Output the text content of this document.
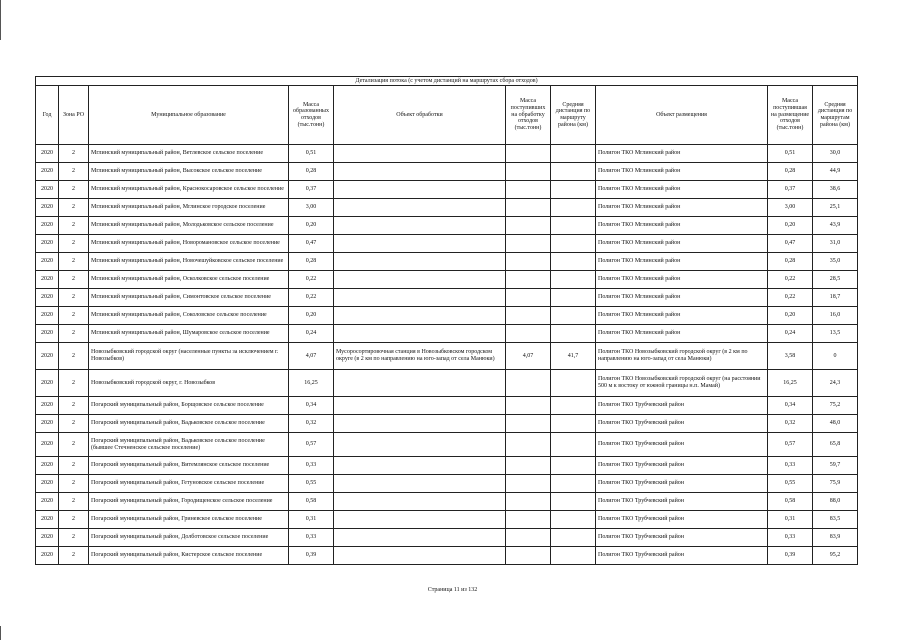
Детализация потока (с учетом дистанций на маршрутах сбора отходов)									
Год	Зона РО	Муниципальное образование	Масса образованных отходов (тыс.тонн)	Объект обработки	Масса поступивших на обработку отходов (тыс.тонн)	Средняя дистанция по маршруту района (км)	Объект размещения	Масса поступившая на размещение отходов (тыс.тонн)	Средняя дистанция по маршрутам района (км)
2020	2	Мглинский муниципальный район, Ветлевское сельское поселение	0,51				Полигон ТКО Мглинский район	0,51	30,0
2020	2	Мглинский муниципальный район, Высокское сельское поселение	0,28				Полигон ТКО Мглинский район	0,28	44,9
2020	2	Мглинский муниципальный район, Краснокосаровское сельское поселение	0,37				Полигон ТКО Мглинский район	0,37	38,6
2020	2	Мглинский муниципальный район, Мглинское городское поселение	3,00				Полигон ТКО Мглинский район	3,00	25,1
2020	2	Мглинский муниципальный район, Молодьковское сельское поселение	0,20				Полигон ТКО Мглинский район	0,20	43,9
2020	2	Мглинский муниципальный район, Новоромановское сельское поселение	0,47				Полигон ТКО Мглинский район	0,47	31,0
2020	2	Мглинский муниципальный район, Новочешуйковское сельское поселение	0,28				Полигон ТКО Мглинский район	0,28	35,0
2020	2	Мглинский муниципальный район, Осколковское сельское поселение	0,22				Полигон ТКО Мглинский район	0,22	28,5
2020	2	Мглинский муниципальный район, Симонтовское сельское поселение	0,22				Полигон ТКО Мглинский район	0,22	18,7
2020	2	Мглинский муниципальный район, Соколовское сельское поселение	0,20				Полигон ТКО Мглинский район	0,20	16,0
2020	2	Мглинский муниципальный район, Шумаровское сельское поселение	0,24				Полигон ТКО Мглинский район	0,24	13,5
2020	2	Новозыбковский городской округ (населенные пункты за исключением г. Новозыбков)	4,07	Мусоросортировочная станция в Новозыбковском городском округе (в 2 км по направлению на юго-запад от села Манюки)	4,07	41,7	Полигон ТКО Новозыбковский городской округ (в 2 км по направлению на юго-запад от села Манюки)	3,58	0
2020	2	Новозыбковский городской округ, г. Новозыбков	16,25				Полигон ТКО Новозыбковский городской округ (на расстоянии 500 м к востоку от южной границы н.п. Мамай)	16,25	24,3
2020	2	Погарский муниципальный район, Борщовское сельское поселение	0,34				Полигон ТКО Трубчевский район	0,34	75,2
2020	2	Погарский муниципальный район, Вадьковское сельское поселение	0,32				Полигон ТКО Трубчевский район	0,32	48,0
2020	2	Погарский муниципальный район, Вадьковское сельское поселение (бывшее Стечненское сельское поселение)	0,57				Полигон ТКО Трубчевский район	0,57	65,8
2020	2	Погарский муниципальный район, Витемлянское сельское поселение	0,33				Полигон ТКО Трубчевский район	0,33	59,7
2020	2	Погарский муниципальный район, Гетуновское сельское поселение	0,55				Полигон ТКО Трубчевский район	0,55	75,9
2020	2	Погарский муниципальный район, Городищенское сельское поселение	0,58				Полигон ТКО Трубчевский район	0,58	88,0
2020	2	Погарский муниципальный район, Гриневское сельское поселение	0,31				Полигон ТКО Трубчевский район	0,31	83,5
2020	2	Погарский муниципальный район, Долботовское сельское поселение	0,33				Полигон ТКО Трубчевский район	0,33	83,9
2020	2	Погарский муниципальный район, Кистерское сельское поселение	0,39				Полигон ТКО Трубчевский район	0,39	95,2
Страница 11 из 132
